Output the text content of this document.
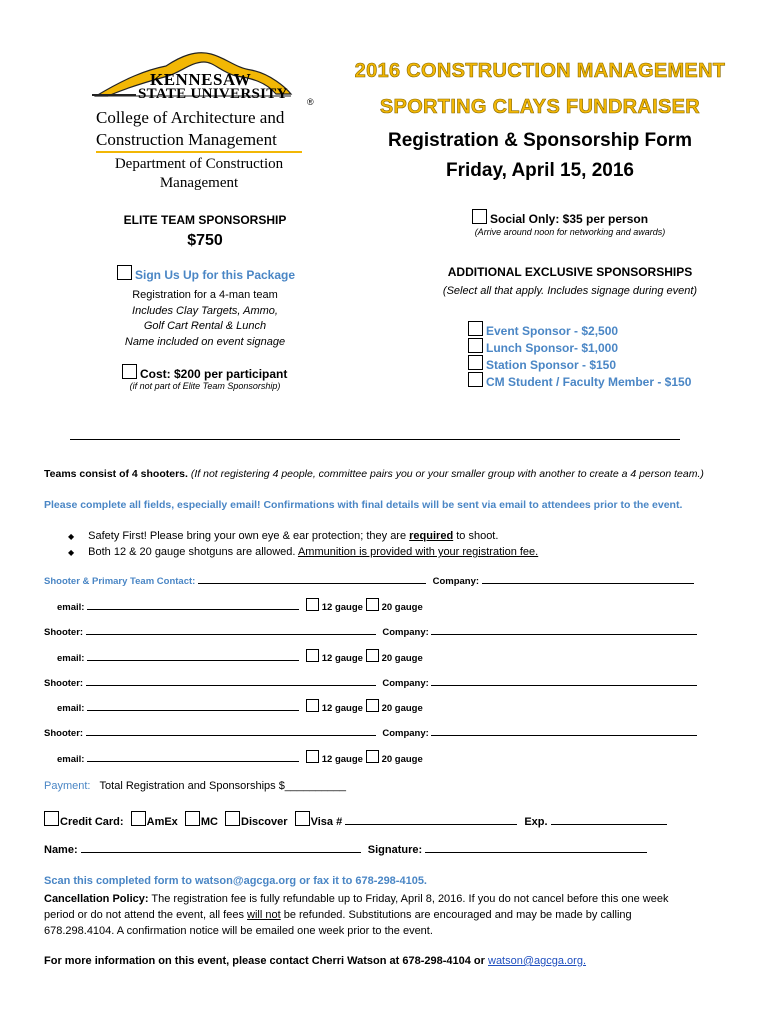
KENNESAW
STATE UNIVERSITY ®
College of Architecture and
Construction Management
Department of Construction
Management
2016 CONSTRUCTION MANAGEMENT
SPORTING CLAYS FUNDRAISER
Registration & Sponsorship Form
Friday, April 15, 2016
ELITE TEAM SPONSORSHIP
$750
Sign Us Up for this Package
Registration for a 4-man team
Includes Clay Targets, Ammo,
Golf Cart Rental & Lunch
Name included on event signage
Cost: $200 per participant
(if not part of Elite Team Sponsorship)
Social Only: $35 per person
(Arrive around noon for networking and awards)
ADDITIONAL EXCLUSIVE SPONSORSHIPS
(Select all that apply. Includes signage during event)
Event Sponsor - $2,500
Lunch Sponsor- $1,000
Station Sponsor - $150
CM Student / Faculty Member - $150
Teams consist of 4 shooters. (If not registering 4 people, committee pairs you or your smaller group with another to create a 4 person team.)
Please complete all fields, especially email! Confirmations with final details will be sent via email to attendees prior to the event.
◆ Safety First! Please bring your own eye & ear protection; they are required to shoot.
◆ Both 12 & 20 gauge shotguns are allowed. Ammunition is provided with your registration fee.
Shooter & Primary Team Contact:	Company:
email:	12 gauge 20 gauge
Shooter:	Company:
email:	12 gauge 20 gauge
Shooter:	Company:
email:	12 gauge 20 gauge
Shooter:	Company:
email:	12 gauge 20 gauge
Payment: Total Registration and Sponsorships $__________
Credit Card: AmEx MC Discover Visa #	Exp.
Name:	Signature:
Scan this completed form to watson@agcga.org or fax it to 678-298-4105.
Cancellation Policy: The registration fee is fully refundable up to Friday, April 8, 2016. If you do not cancel before this one week
period or do not attend the event, all fees will not be refunded. Substitutions are encouraged and may be made by calling
678.298.4104. A confirmation notice will be emailed one week prior to the event.
For more information on this event, please contact Cherri Watson at 678-298-4104 or watson@agcga.org.
